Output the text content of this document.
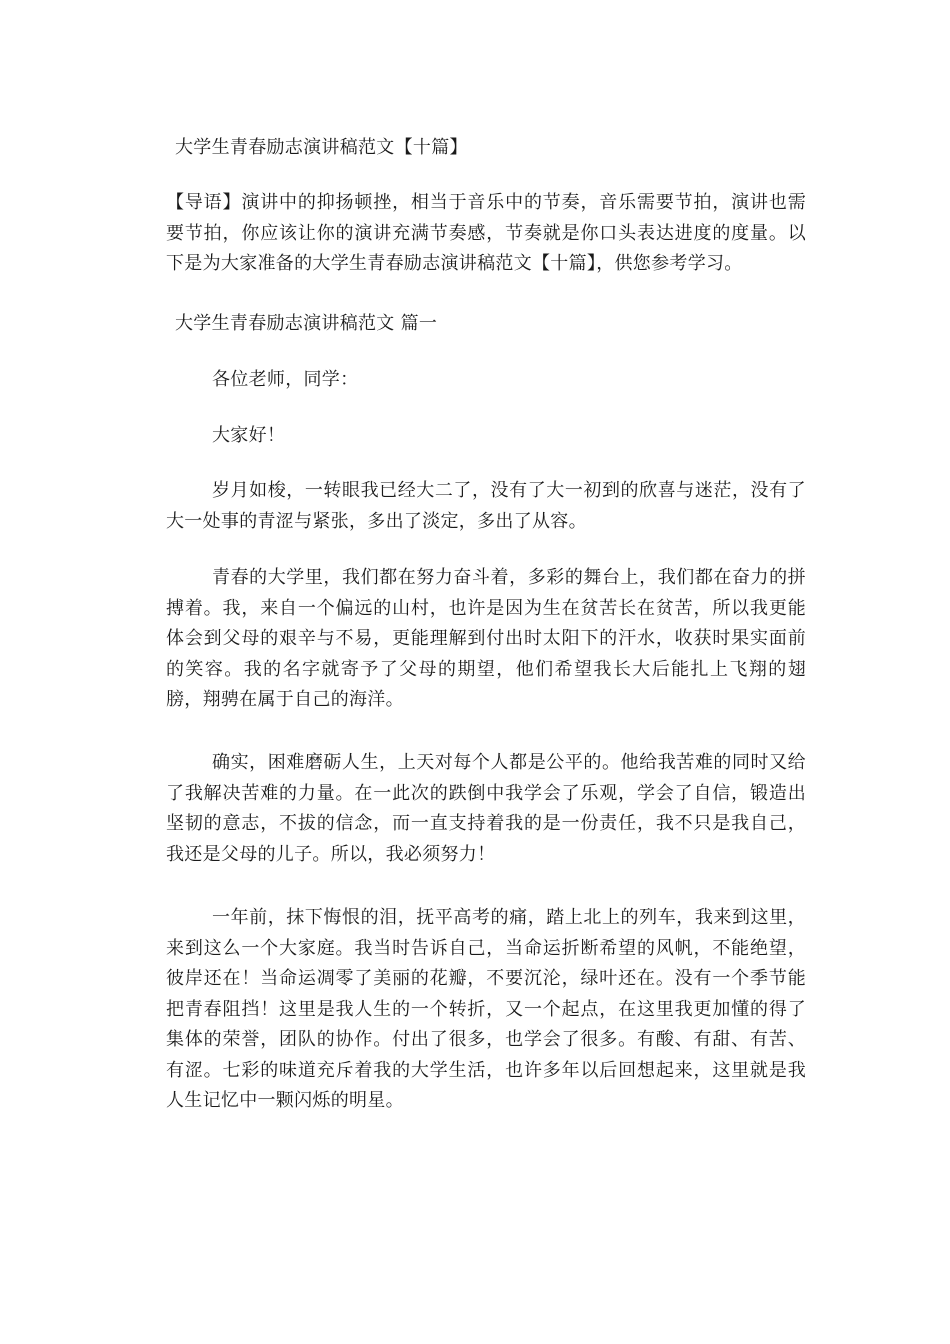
大学生青春励志演讲稿范文【十篇】
【导语】演讲中的抑扬顿挫，相当于音乐中的节奏，音乐需要节拍，演讲也需要节拍，你应该让你的演讲充满节奏感，节奏就是你口头表达进度的度量。以下是为大家准备的大学生青春励志演讲稿范文【十篇】，供您参考学习。
大学生青春励志演讲稿范文 篇一
各位老师，同学：
大家好！
岁月如梭，一转眼我已经大二了，没有了大一初到的欣喜与迷茫，没有了大一处事的青涩与紧张，多出了淡定，多出了从容。
青春的大学里，我们都在努力奋斗着，多彩的舞台上，我们都在奋力的拼搏着。我，来自一个偏远的山村，也许是因为生在贫苦长在贫苦，所以我更能体会到父母的艰辛与不易，更能理解到付出时太阳下的汗水，收获时果实面前的笑容。我的名字就寄予了父母的期望，他们希望我长大后能扎上飞翔的翅膀，翔骋在属于自己的海洋。
确实，困难磨砺人生，上天对每个人都是公平的。他给我苦难的同时又给了我解决苦难的力量。在一此次的跌倒中我学会了乐观，学会了自信，锻造出坚韧的意志，不拔的信念，而一直支持着我的是一份责任，我不只是我自己，我还是父母的儿子。所以，我必须努力！
一年前，抹下悔恨的泪，抚平高考的痛，踏上北上的列车，我来到这里，来到这么一个大家庭。我当时告诉自己，当命运折断希望的风帆，不能绝望，彼岸还在！当命运凋零了美丽的花瓣，不要沉沦，绿叶还在。没有一个季节能把青春阻挡！这里是我人生的一个转折，又一个起点，在这里我更加懂的得了集体的荣誉，团队的协作。付出了很多，也学会了很多。有酸、有甜、有苦、有涩。七彩的味道充斥着我的大学生活，也许多年以后回想起来，这里就是我人生记忆中一颗闪烁的明星。
